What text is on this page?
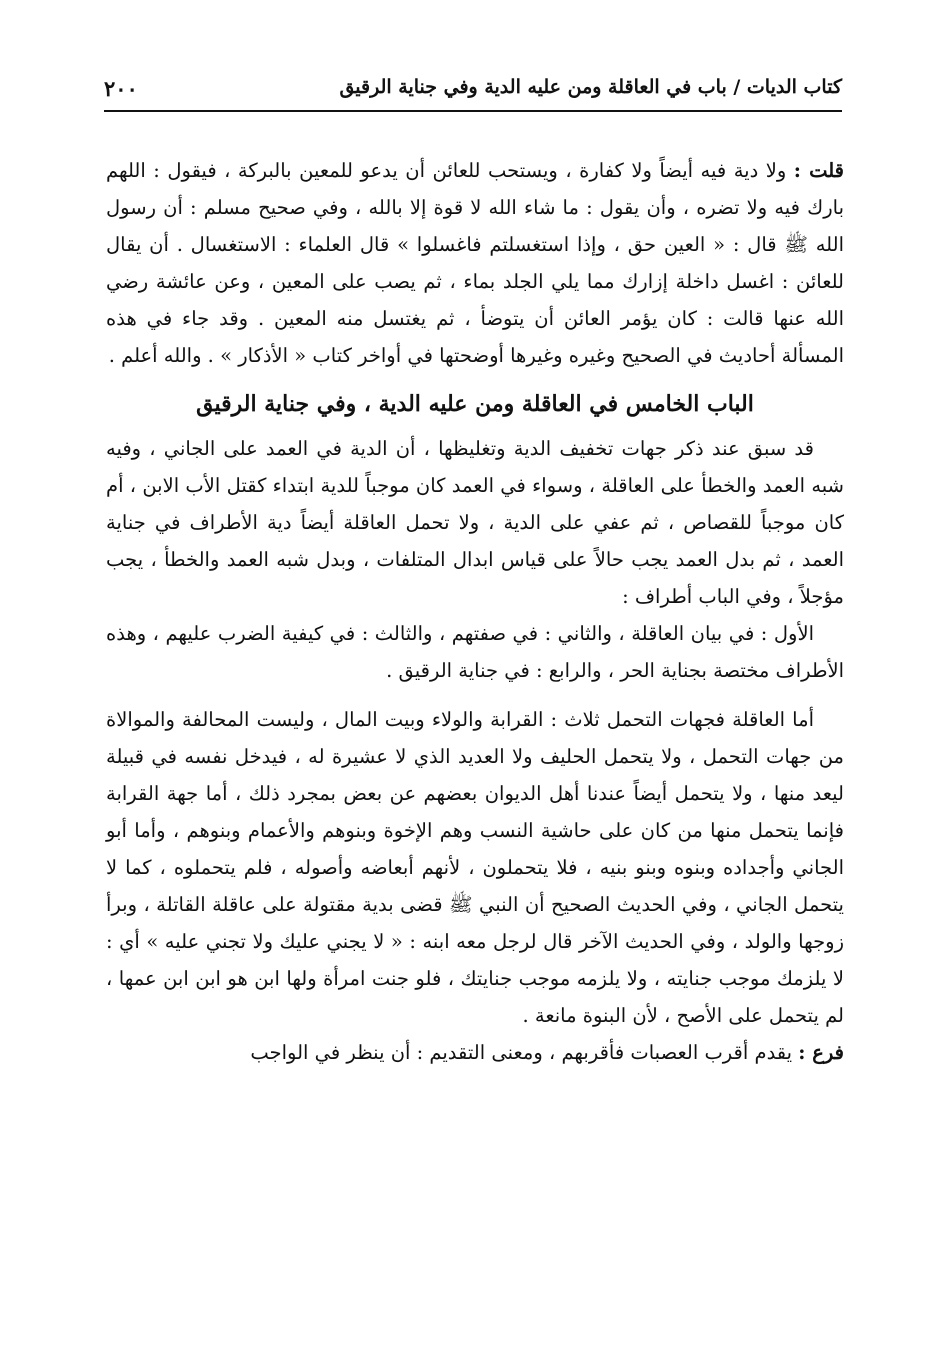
كتاب الديات / باب في العاقلة ومن عليه الدية وفي جناية الرقيق
٢٠٠

قلت : ولا دية فيه أيضاً ولا كفارة ، ويستحب للعائن أن يدعو للمعين بالبركة ، فيقول : اللهم بارك فيه ولا تضره ، وأن يقول : ما شاء الله لا قوة إلا بالله ، وفي صحيح مسلم : أن رسول الله ﷺ قال : « العين حق ، وإذا استغسلتم فاغسلوا » قال العلماء : الاستغسال . أن يقال للعائن : اغسل داخلة إزارك مما يلي الجلد بماء ، ثم يصب على المعين ، وعن عائشة رضي الله عنها قالت : كان يؤمر العائن أن يتوضأ ، ثم يغتسل منه المعين . وقد جاء في هذه المسألة أحاديث في الصحيح وغيره وغيرها أوضحتها في أواخر كتاب « الأذكار » . والله أعلم .

الباب الخامس في العاقلة ومن عليه الدية ، وفي جناية الرقيق

قد سبق عند ذكر جهات تخفيف الدية وتغليظها ، أن الدية في العمد على الجاني ، وفيه شبه العمد والخطأ على العاقلة ، وسواء في العمد كان موجباً للدية ابتداء كقتل الأب الابن ، أم كان موجباً للقصاص ، ثم عفي على الدية ، ولا تحمل العاقلة أيضاً دية الأطراف في جناية العمد ، ثم بدل العمد يجب حالاً على قياس ابدال المتلفات ، وبدل شبه العمد والخطأ ، يجب مؤجلاً ، وفي الباب أطراف :

الأول : في بيان العاقلة ، والثاني : في صفتهم ، والثالث : في كيفية الضرب عليهم ، وهذه الأطراف مختصة بجناية الحر ، والرابع : في جناية الرقيق .

أما العاقلة فجهات التحمل ثلاث : القرابة والولاء وبيت المال ، وليست المحالفة والموالاة من جهات التحمل ، ولا يتحمل الحليف ولا العديد الذي لا عشيرة له ، فيدخل نفسه في قبيلة ليعد منها ، ولا يتحمل أيضاً عندنا أهل الديوان بعضهم عن بعض بمجرد ذلك ، أما جهة القرابة فإنما يتحمل منها من كان على حاشية النسب وهم الإخوة وبنوهم والأعمام وبنوهم ، وأما أبو الجاني وأجداده وبنوه وبنو بنيه ، فلا يتحملون ، لأنهم أبعاضه وأصوله ، فلم يتحملوه ، كما لا يتحمل الجاني ، وفي الحديث الصحيح أن النبي ﷺ قضى بدية مقتولة على عاقلة القاتلة ، وبرأ زوجها والولد ، وفي الحديث الآخر قال لرجل معه ابنه : « لا يجني عليك ولا تجني عليه » أي : لا يلزمك موجب جنايته ، ولا يلزمه موجب جنايتك ، فلو جنت امرأة ولها ابن هو ابن ابن عمها ، لم يتحمل على الأصح ، لأن البنوة مانعة .

فرع : يقدم أقرب العصبات فأقربهم ، ومعنى التقديم : أن ينظر في الواجب
